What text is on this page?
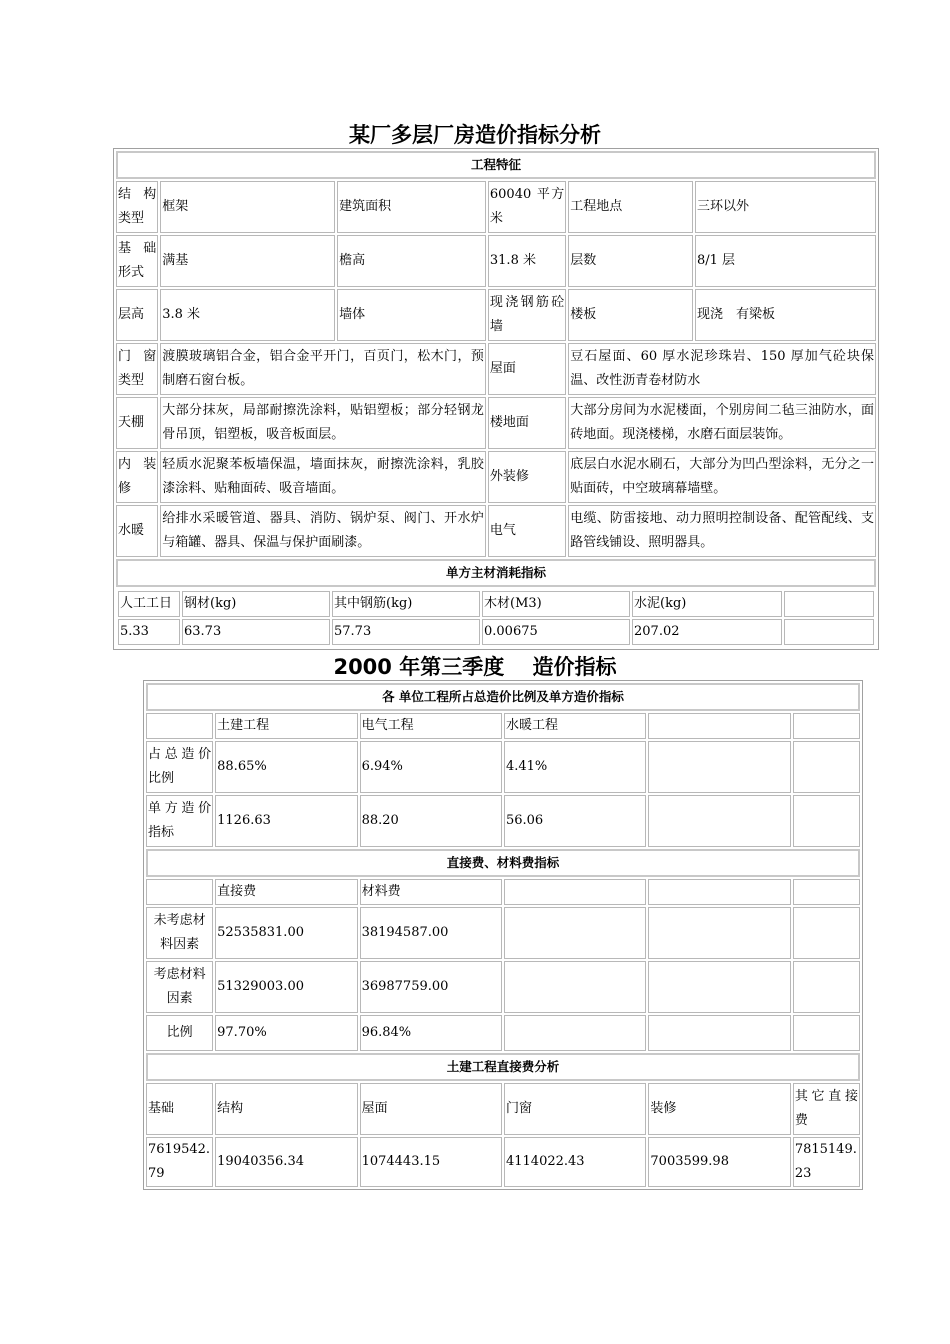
某厂多层厂房造价指标分析
工程特征
结构类型	框架	建筑面积	60040 平方米	工程地点	三环以外
基础形式	满基	檐高	31.8 米	层数	8/1 层
层高	3.8 米	墙体	现浇钢筋砼墙	楼板	现浇　有梁板
门窗类型	渡膜玻璃铝合金，铝合金平开门，百页门，松木门，预制磨石窗台板。	屋面	豆石屋面、60 厚水泥珍珠岩、150 厚加气砼块保温、改性沥青卷材防水
天棚	大部分抹灰，局部耐擦洗涂料，贴铝塑板；部分轻钢龙骨吊顶，铝塑板，吸音板面层。	楼地面	大部分房间为水泥楼面，个别房间二毡三油防水，面砖地面。现浇楼梯，水磨石面层装饰。
内装修	轻质水泥聚苯板墙保温，墙面抹灰，耐擦洗涂料，乳胶漆涂料、贴釉面砖、吸音墙面。	外装修	底层白水泥水刷石，大部分为凹凸型涂料，无分之一贴面砖，中空玻璃幕墙壁。
水暖	给排水采暖管道、器具、消防、锅炉泵、阀门、开水炉与箱罐、器具、保温与保护面刷漆。	电气	电缆、防雷接地、动力照明控制设备、配管配线、支路管线铺设、照明器具。
单方主材消耗指标

人工工日	钢材(kg)	其中钢筋(kg)	木材(M3)	水泥(kg)	
5.33	63.73	57.73	0.00675	207.02	
2000 年第三季度　 造价指标
各 单位工程所占总造价比例及单方造价指标					
	土建工程	电气工程	水暖工程		
占总造价比例	88.65%	6.94%	4.41%		
单方造价指标	1126.63	88.20	56.06		
直接费、材料费指标					
	直接费	材料费			
未考虑材料因素	52535831.00	38194587.00			
考虑材料因素	51329003.00	36987759.00			
比例	97.70%	96.84%			
土建工程直接费分析					
基础	结构	屋面	门窗	装修	其它直接费
7619542.79	19040356.34	1074443.15	4114022.43	7003599.98	7815149.23
